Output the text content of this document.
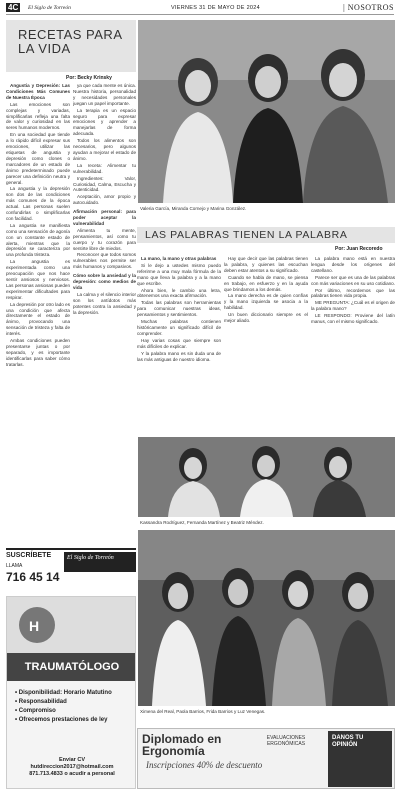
4C	El Siglo de Torreón	VIERNES 31 DE MAYO DE 2024	| NOSOTROS
RECETAS PARA
LA VIDA
Por: Becky Krinsky

Angustia y Depresión: Las Condiciones Más Comunes de Nuestra Época

Las emociones son complejas y variadas, simplificarlas refleja una falta de valor y curiosidad en las seres humanos modernos.

En una sociedad que tiende a lo rápido difícil expresar sus emociones, utilizar las etiquetas de angustia y depresión como clones o marcadores de un estado de ánimo predeterminado puede parecer una definición neutra y general.

La angustia y la depresión son dos de las condiciones más comunes de la época actual. Las personas suelen confundirlas o simplificarlas con facilidad.

La angustia se manifiesta como una sensación de agonía con un constante estado de alerta, mientras que la depresión se caracteriza por una profunda tristeza.

La angustia es experimentada como una preocupación que nos hace sentir ansiosos y nerviosos. Las personas ansiosas pueden experimentar dificultades para respirar.

La depresión por otro lado es una condición que afecta directamente el estado de ánimo, provocando una sensación de tristeza y falta de interés.

Ambas condiciones pueden presentarse juntas o por separado, y es importante identificarlas para saber cómo tratarlas.

ya que cada mente es única. Nuestra historia, personalidad y necesidades personales juegan un papel importante.

La terapia es un espacio seguro para expresar emociones y aprender a manejarlas de forma adecuada.

Todos los alimentos son necesarios, pero algunos ayudan a mejorar el estado de ánimo.

La receta: Alimentar tu vulnerabilidad.

Ingredientes: Valor, Curiosidad, Calma, Escucha y Autenticidad.

Aceptación, amor propio y autocuidado.

Afirmación personal: para poder aceptar la vulnerabilidad

Alimenta tu mente, pensamientos, así como tu cuerpo y tu corazón para sentirte libre de miedos.

Reconocer que todos somos vulnerables nos permite ser más humanos y compasivos.

Cómo sobre la ansiedad y la depresión: como medios de vida

La calma y el silencio interior son los antídotos más potentes contra la ansiedad y la depresión.

Valeria García, Miranda Cornejo y Marina González.
LAS PALABRAS TIENEN LA PALABRA
Por: Juan Recoredo

La mano, la mano y otras palabras

Si le dejo a ustedes mismo puedo referirme a una muy mala fórmula de la mano que lleva la palabra y a la mano que escribe.

Ahora bien, le cambio una letra, obtenemos una exacta afirmación.

Todas las palabras son herramientas para comunicar nuestras ideas, pensamientos y sentimientos.

Muchas palabras contienen históricamente un significado difícil de comprender.

Hay varias cosas que siempre son más difíciles de explicar.

Y la palabra mano es sin duda una de las más antiguas de nuestro idioma.

Hay que decir que las palabras tienen la palabra, y quienes las escuchan deben estar atentos a su significado.

Cuando se habla de mano, se piensa en trabajo, en esfuerzo y en la ayuda que brindamos a los demás.

La mano derecha es de quien confías y la mano izquierda se asocia a la habilidad.

Un buen diccionario siempre es el mejor aliado.

La palabra mano está en nuestra lengua desde los orígenes del castellano.

Parece ser que es una de las palabras con más variaciones en su uso cotidiano.

Por último, recordemos que las palabras tienen vida propia.

ME PREGUNTA: ¿Cuál es el origen de la palabra mano?

LE RESPONDO: Proviene del latín manus, con el mismo significado.

Kassandra Rodríguez, Fernanda Martínez y Beatriz Méndez.
Ximena del Real, Paola Barrios, Frida Barrios y Luz Venegas.
SUSCRÍBETE
LLAMA
716 45 14
El Siglo de Torreón
H
TRAUMATÓLOGO
• Disponibilidad: Horario Matutino
• Responsabilidad
• Compromiso
• Ofrecemos prestaciones de ley
Enviar CV
hutdireccion2017@hotmail.com
871.713.4833 o acudir a personal
Diplomado en
Ergonomía
Inscripciones 40% de descuento
EVALUACIONES ERGONÓMICAS
DANOS TU OPINIÓN
